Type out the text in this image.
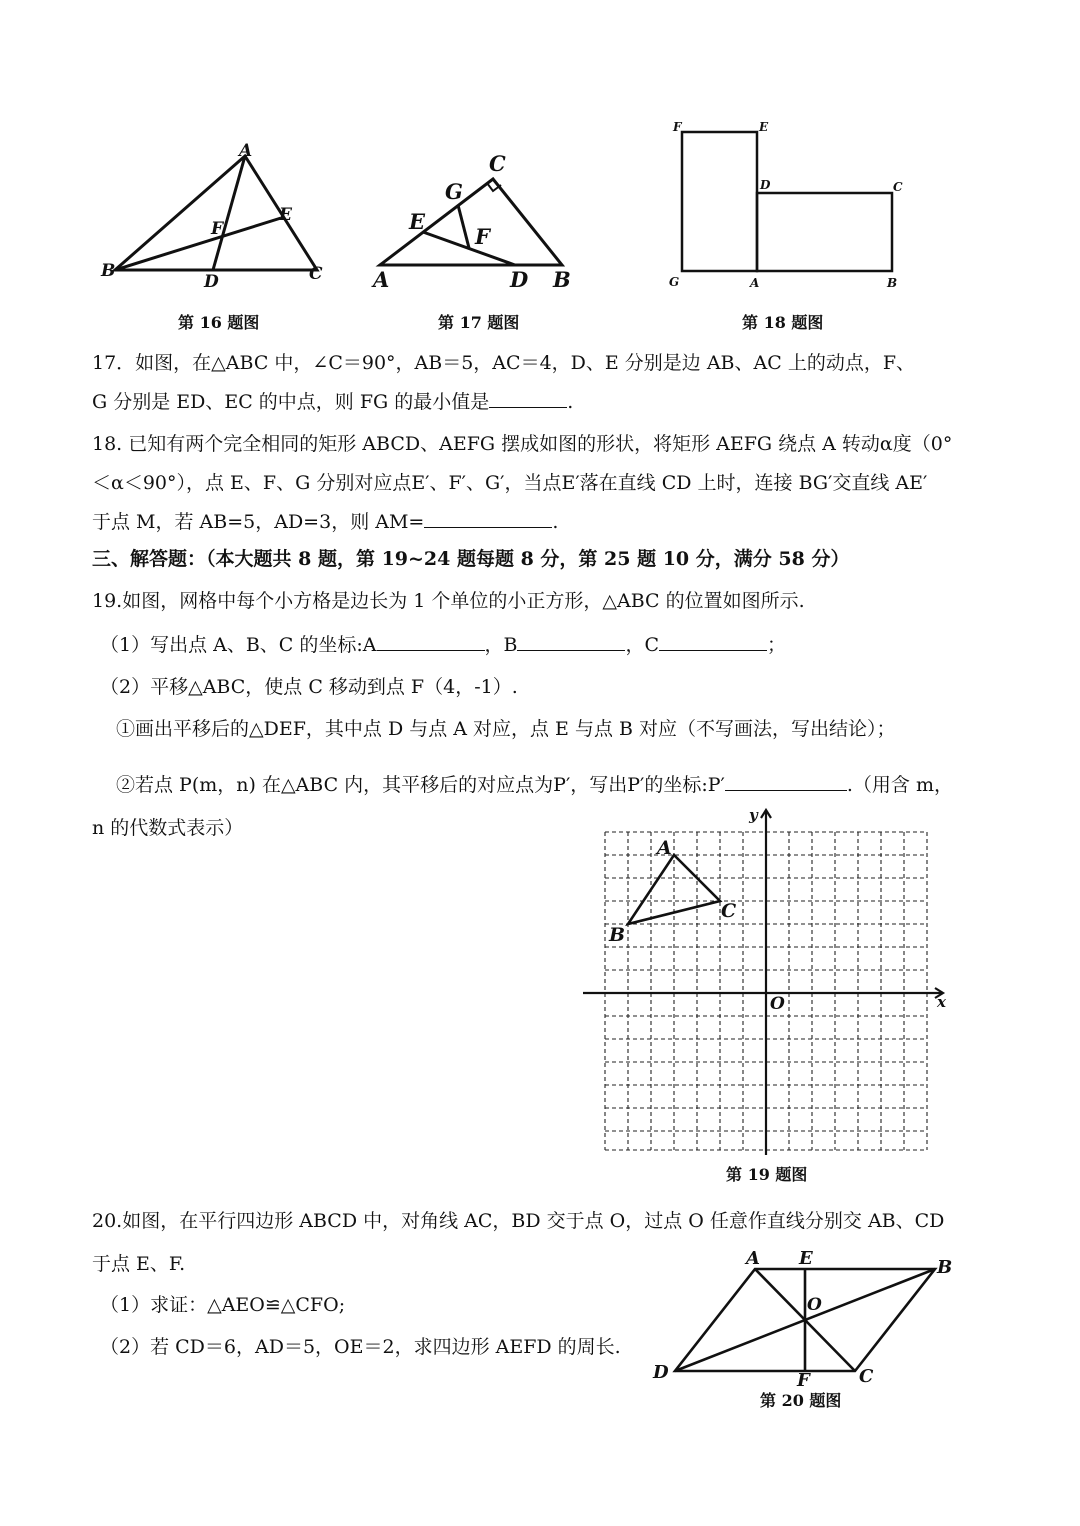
A
B	C
D
E
F
第 16 题图
C
G
E
F
A	D B
第 17 题图
F	E
D	C
G	A	B
第 18 题图
17．如图，在△ABC 中，∠C＝90°，AB＝5，AC＝4，D、E 分别是边 AB、AC 上的动点，F、
G 分别是 ED、EC 的中点，则 FG 的最小值是	.
18. 已知有两个完全相同的矩形 ABCD、AEFG 摆成如图的形状，将矩形 AEFG 绕点 A 转动α度（0°
＜α＜90°），点 E、F、G 分别对应点E′、F′、G′，当点E′落在直线 CD 上时，连接 BG′交直线 AE′
于点 M，若 AB=5，AD=3，则 AM=	.
三、解答题：（本大题共 8 题，第 19~24 题每题 8 分，第 25 题 10 分，满分 58 分）
19.如图，网格中每个小方格是边长为 1 个单位的小正方形，△ABC 的位置如图所示.
（1）写出点 A、B、C 的坐标:A	，B	，C	；
（2）平移△ABC，使点 C 移动到点 F（4，-1）.
①画出平移后的△DEF，其中点 D 与点 A 对应，点 E 与点 B 对应（不写画法，写出结论）；
②若点 P(m，n) 在△ABC 内，其平移后的对应点为P′，写出P′的坐标:P′	.（用含 m，
n 的代数式表示）
A
B
C
O	x
y
第 19 题图
20.如图，在平行四边形 ABCD 中，对角线 AC，BD 交于点 O，过点 O 任意作直线分别交 AB、CD
于点 E、F.
（1）求证：△AEO≌△CFO;
（2）若 CD＝6，AD＝5，OE＝2，求四边形 AEFD 的周长.
A E	B
O
D	F	C
第 20 题图
